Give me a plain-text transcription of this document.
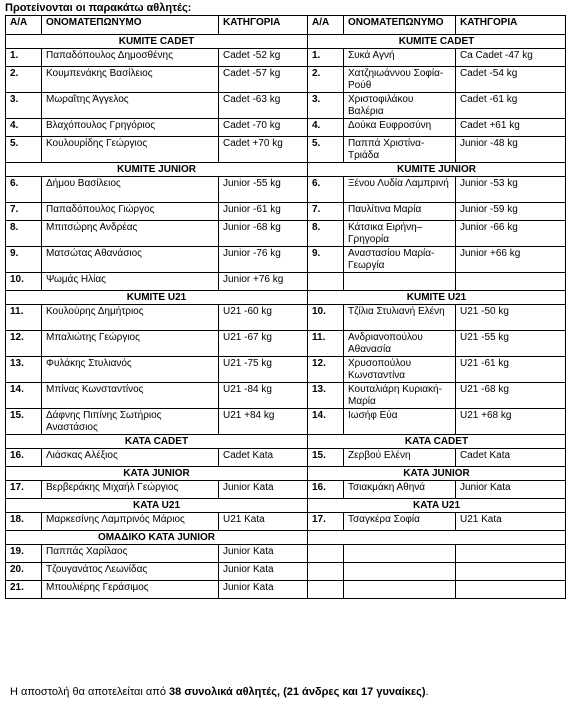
Προτείνονται οι παρακάτω αθλητές:
Α/Α	ΟΝΟΜΑΤΕΠΩΝΥΜΟ	ΚΑΤΗΓΟΡΙΑ	Α/Α	ΟΝΟΜΑΤΕΠΩΝΥΜΟ	ΚΑΤΗΓΟΡΙΑ
KUMITE CADET			KUMITE CADET		
1.	Παπαδόπουλος Δημοσθένης	Cadet -52 kg	1.	Συκά Αγνή	Ca Cadet -47 kg
2.	Κουμπενάκης Βασίλειος	Cadet -57 kg	2.	Χατζηιωάννου Σοφία-Ρούθ	Cadet -54 kg
3.	Μωραΐτης Άγγελος	Cadet -63 kg	3.	Χριστοφιλάκου Βαλέρια	Cadet -61 kg
4.	Βλαχόπουλος Γρηγόριος	Cadet -70 kg	4.	Δούκα Ευφροσύνη	Cadet +61 kg
5.	Κουλουρίδης Γεώργιος	Cadet +70 kg	5.	Παππά Χριστίνα-Τριάδα	Junior -48 kg
KUMITE JUNIOR			KUMITE JUNIOR		
6.	Δήμου Βασίλειος	Junior -55 kg	6.	Ξένου Λυδία Λαμπρινή	Junior -53 kg
7.	Παπαδόπουλος Γιώργος	Junior -61 kg	7.	Παυλίτινα Μαρία	Junior -59 kg
8.	Μπιτσώρης Ανδρέας	Junior -68 kg	8.	Κάτσικα Ειρήνη–Γρηγορία	Junior -66 kg
9.	Ματσώτας Αθανάσιος	Junior -76 kg	9.	Αναστασίου Μαρία-Γεωργία	Junior +66 kg
10.	Ψωμάς Ηλίας	Junior +76 kg			
KUMITE U21			KUMITE U21		
11.	Κουλούρης Δημήτριος	U21 -60 kg	10.	Τζίλια Στυλιανή Ελένη	U21 -50 kg
12.	Μπαλιώτης Γεώργιος	U21 -67 kg	11.	Ανδριανοπούλου Αθανασία	U21 -55 kg
13.	Φυλάκης Στυλιανός	U21 -75 kg	12.	Χρυσοπούλου Κωνσταντίνα	U21 -61 kg
14.	Μπίνας Κωνσταντίνος	U21 -84 kg	13.	Κουταλιάρη Κυριακή-Μαρία	U21 -68 kg
15.	Δάφνης Πιπίνης Σωτήριος Αναστάσιος	U21 +84 kg	14.	Ιωσήφ Εύα	U21 +68 kg
KATA CADET			KATA CADET		
16.	Λιάσκας Αλέξιος	Cadet Kata	15.	Ζερβού Ελένη	Cadet Kata
KATA JUNIOR			KATA JUNIOR		
17.	Βερβεράκης Μιχαήλ Γεώργιος	Junior Kata	16.	Τσιακμάκη Αθηνά	Junior Kata
KATA U21			KATA U21		
18.	Μαρκεσίνης Λαμπρινός Μάριος	U21 Kata	17.	Τσαγκέρα Σοφία	U21 Kata
ΟΜΑΔΙΚΟ KATA JUNIOR					
19.	Παππάς Χαρίλαος	Junior Kata			
20.	Τζουγανάτος Λεωνίδας	Junior Kata			
21.	Μπουλιέρης Γεράσιμος	Junior Kata			
Η αποστολή θα αποτελείται από 38 συνολικά αθλητές, (21 άνδρες και 17 γυναίκες).
